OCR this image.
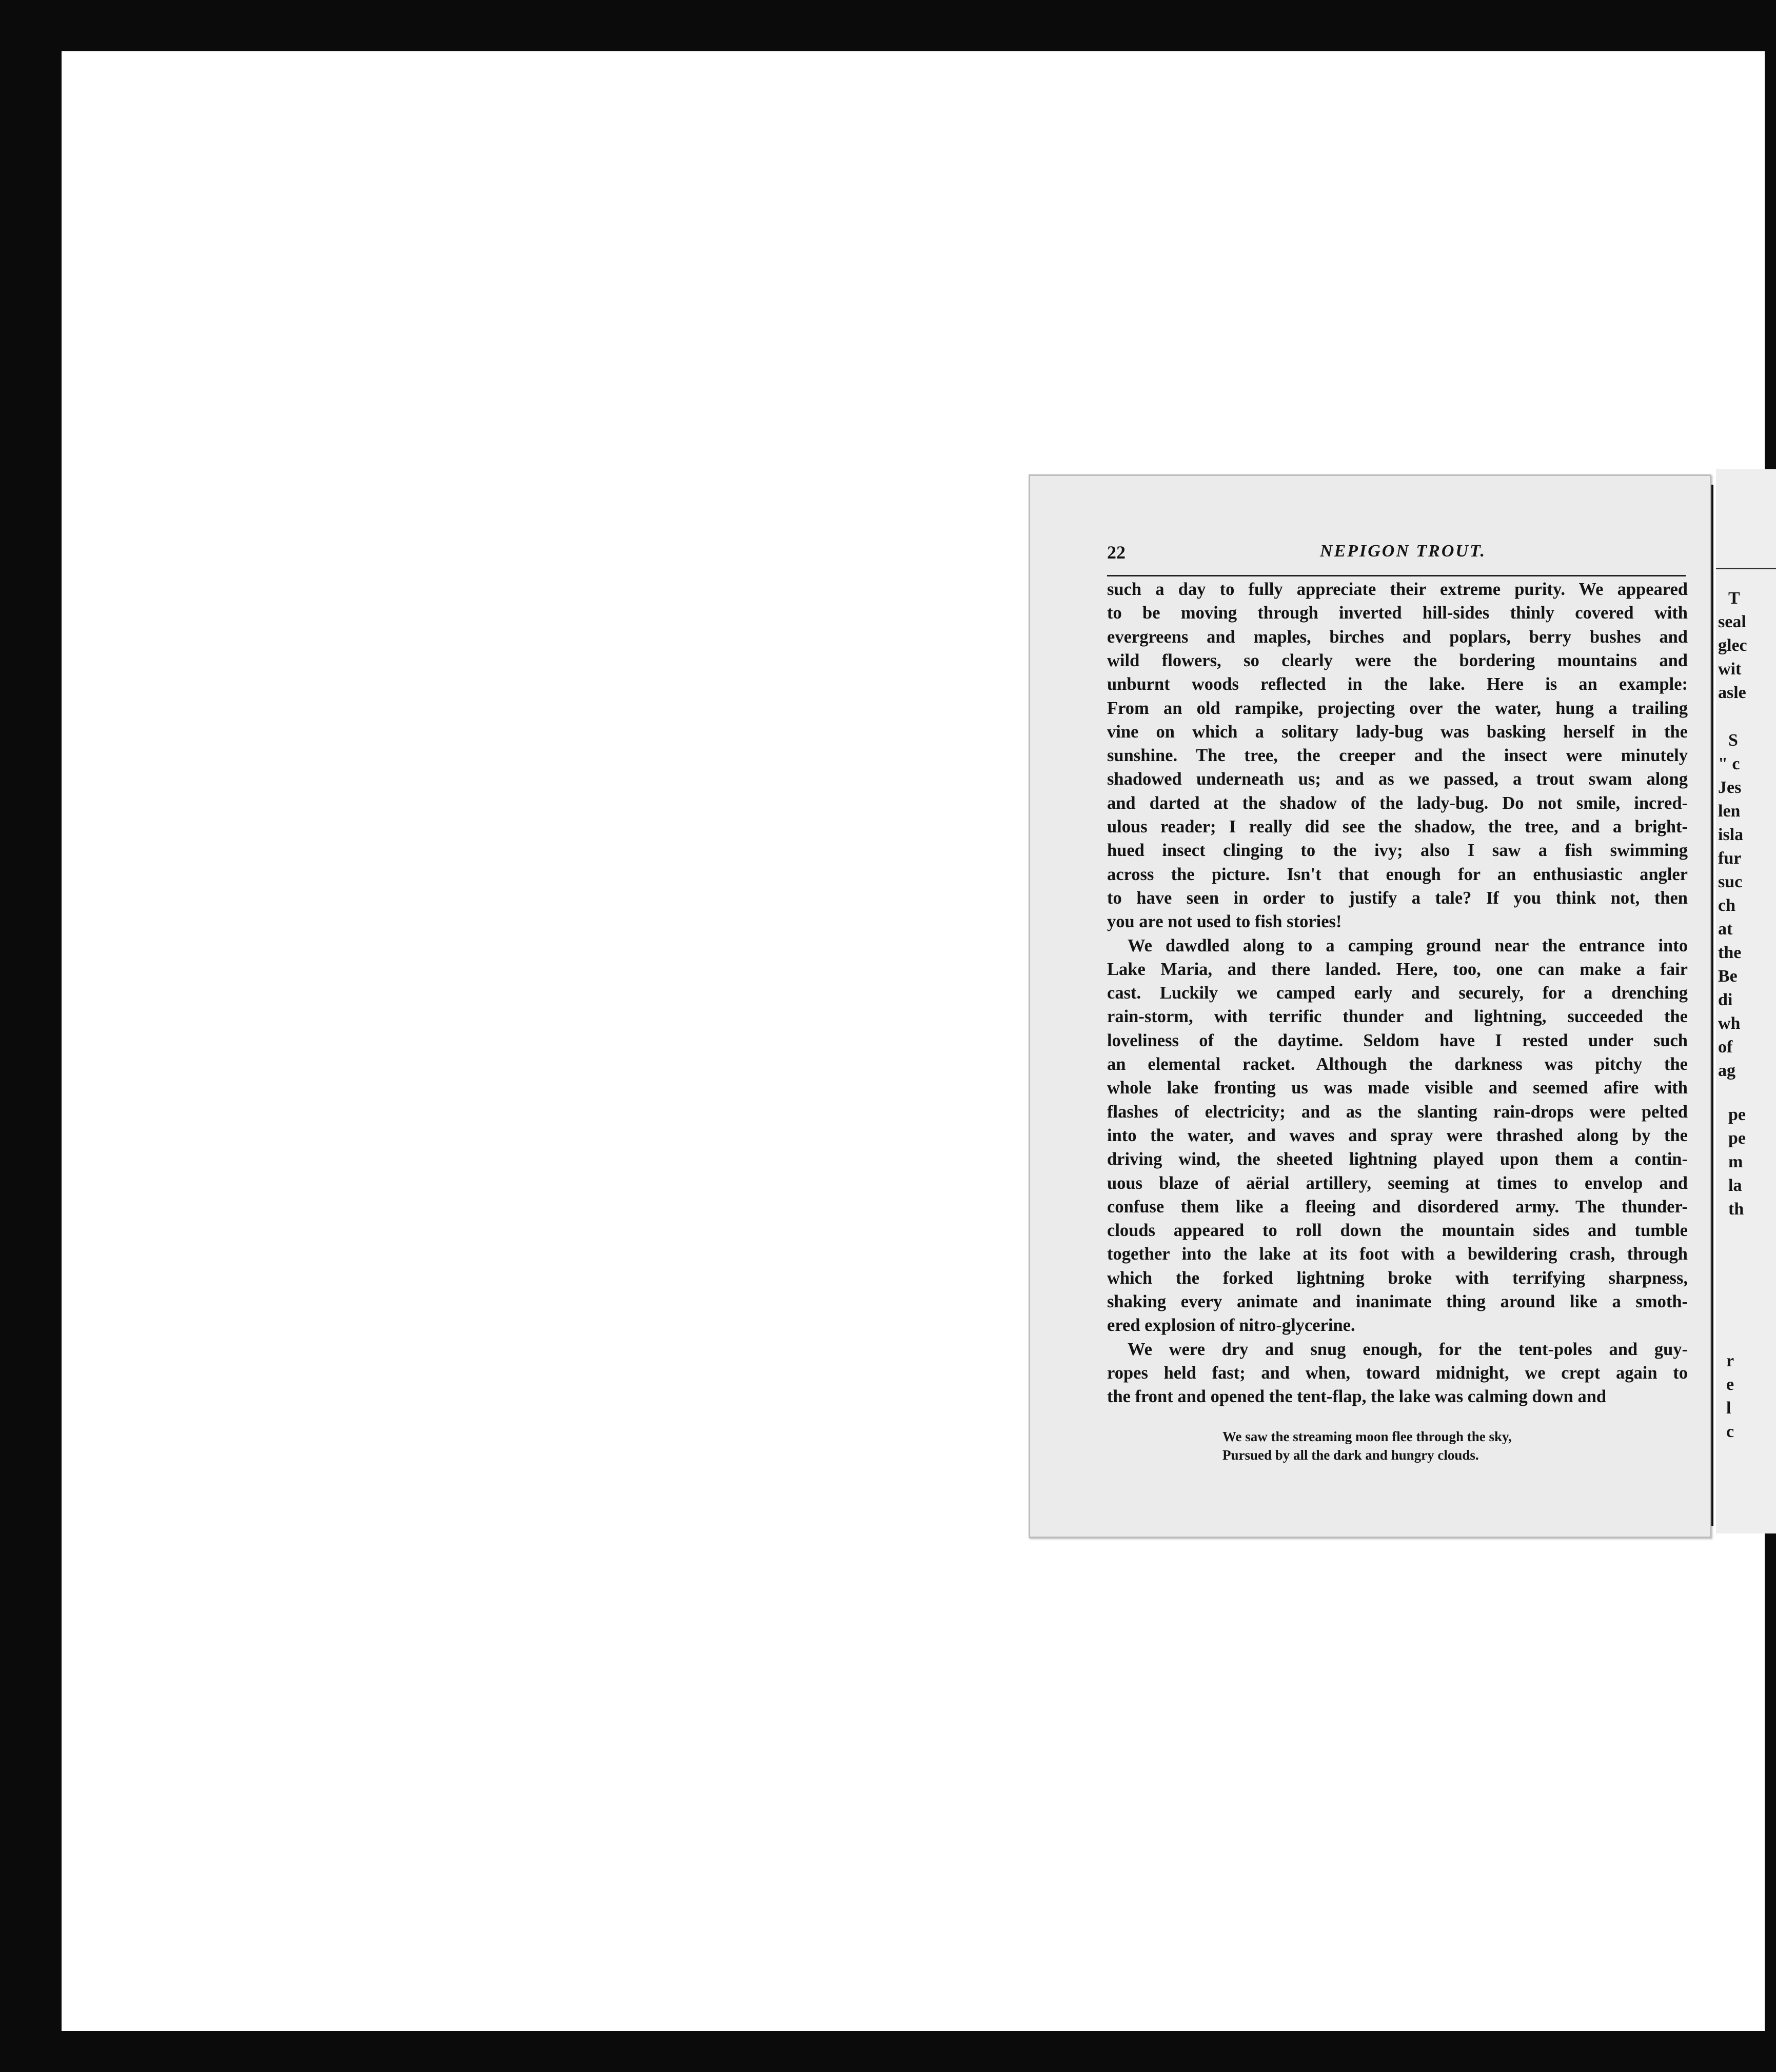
T
seal
glec
wit
asle
S
" c
Jes
len
isla
fur
suc
ch
at
the
Be
di
wh
of
ag
pe
pe
m
la
th
r
e
l
c
22	NEPIGON TROUT.
such a day to fully appreciate their extreme purity. We appeared
to be moving through inverted hill-sides thinly covered with
evergreens and maples, birches and poplars, berry bushes and
wild flowers, so clearly were the bordering mountains and
unburnt woods reflected in the lake. Here is an example:
From an old rampike, projecting over the water, hung a trailing
vine on which a solitary lady-bug was basking herself in the
sunshine. The tree, the creeper and the insect were minutely
shadowed underneath us; and as we passed, a trout swam along
and darted at the shadow of the lady-bug. Do not smile, incred-
ulous reader; I really did see the shadow, the tree, and a bright-
hued insect clinging to the ivy; also I saw a fish swimming
across the picture. Isn't that enough for an enthusiastic angler
to have seen in order to justify a tale? If you think not, then
you are not used to fish stories!
We dawdled along to a camping ground near the entrance into
Lake Maria, and there landed. Here, too, one can make a fair
cast. Luckily we camped early and securely, for a drenching
rain-storm, with terrific thunder and lightning, succeeded the
loveliness of the daytime. Seldom have I rested under such
an elemental racket. Although the darkness was pitchy the
whole lake fronting us was made visible and seemed afire with
flashes of electricity; and as the slanting rain-drops were pelted
into the water, and waves and spray were thrashed along by the
driving wind, the sheeted lightning played upon them a contin-
uous blaze of aërial artillery, seeming at times to envelop and
confuse them like a fleeing and disordered army. The thunder-
clouds appeared to roll down the mountain sides and tumble
together into the lake at its foot with a bewildering crash, through
which the forked lightning broke with terrifying sharpness,
shaking every animate and inanimate thing around like a smoth-
ered explosion of nitro-glycerine.
We were dry and snug enough, for the tent-poles and guy-
ropes held fast; and when, toward midnight, we crept again to
the front and opened the tent-flap, the lake was calming down and
We saw the streaming moon flee through the sky,
Pursued by all the dark and hungry clouds.
